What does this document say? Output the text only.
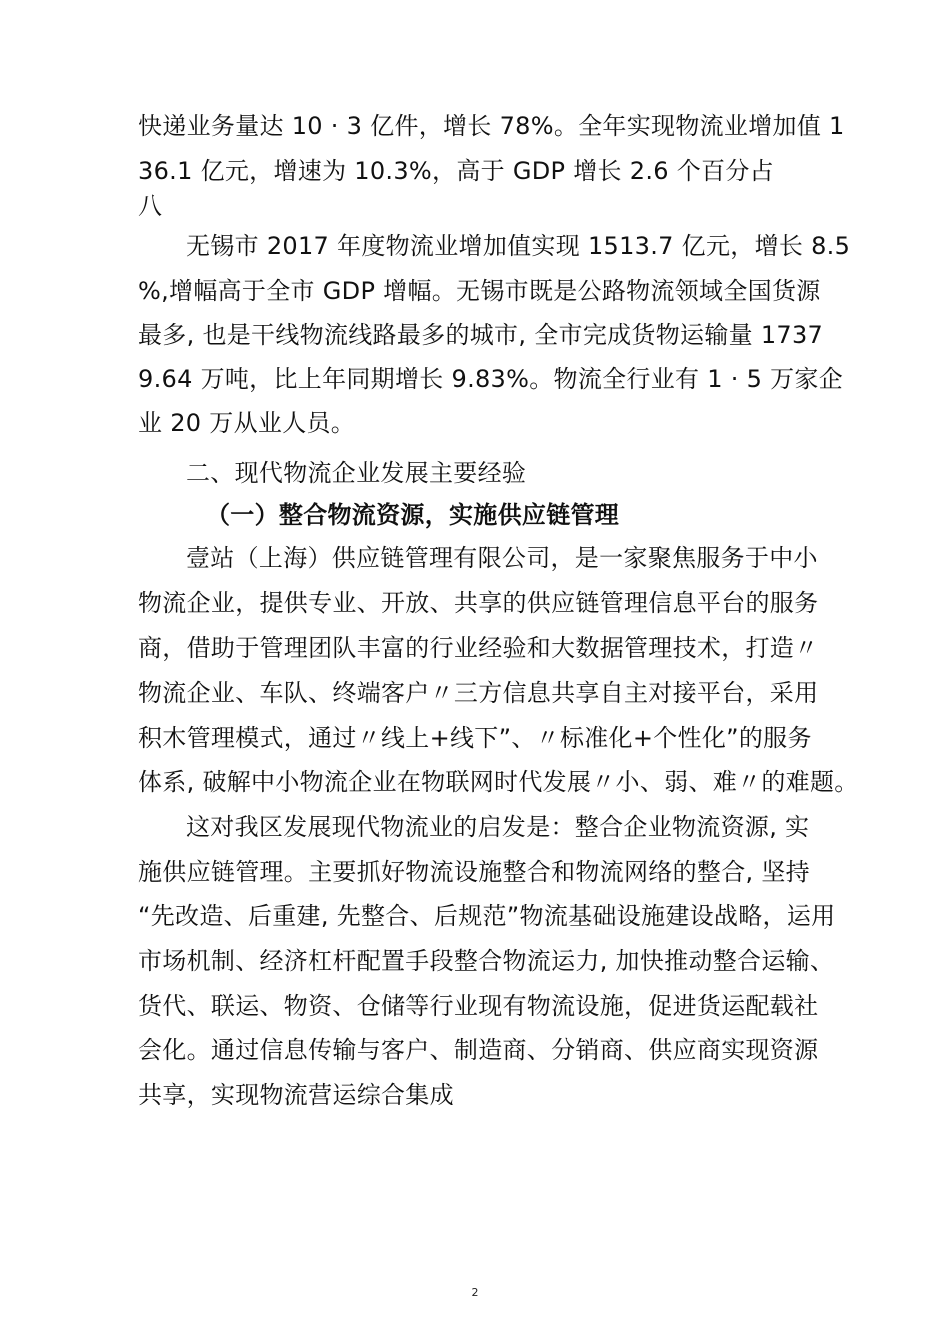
快递业务量达 10 · 3 亿件，增长 78%。全年实现物流业增加值 1
36.1 亿元，增速为 10.3%，高于 GDP 增长 2.6 个百分占
八
无锡市 2017 年度物流业增加值实现 1513.7 亿元，增长 8.5
%,增幅高于全市 GDP 增幅。无锡市既是公路物流领域全国货源
最多, 也是干线物流线路最多的城市, 全市完成货物运输量 1737
9.64 万吨，比上年同期增长 9.83%。物流全行业有 1 · 5 万家企
业 20 万从业人员。
二、现代物流企业发展主要经验
（一）整合物流资源，实施供应链管理
壹站（上海）供应链管理有限公司，是一家聚焦服务于中小
物流企业，提供专业、开放、共享的供应链管理信息平台的服务
商，借助于管理团队丰富的行业经验和大数据管理技术，打造〃
物流企业、车队、终端客户〃三方信息共享自主对接平台，采用
积木管理模式，通过〃线上+线下”、〃标准化+个性化”的服务
体系, 破解中小物流企业在物联网时代发展〃小、弱、难〃的难题。
这对我区发展现代物流业的启发是：整合企业物流资源, 实
施供应链管理。主要抓好物流设施整合和物流网络的整合, 坚持
“先改造、后重建, 先整合、后规范”物流基础设施建设战略，运用
市场机制、经济杠杆配置手段整合物流运力, 加快推动整合运输、
货代、联运、物资、仓储等行业现有物流设施，促进货运配载社
会化。通过信息传输与客户、制造商、分销商、供应商实现资源
共享，实现物流营运综合集成
2
